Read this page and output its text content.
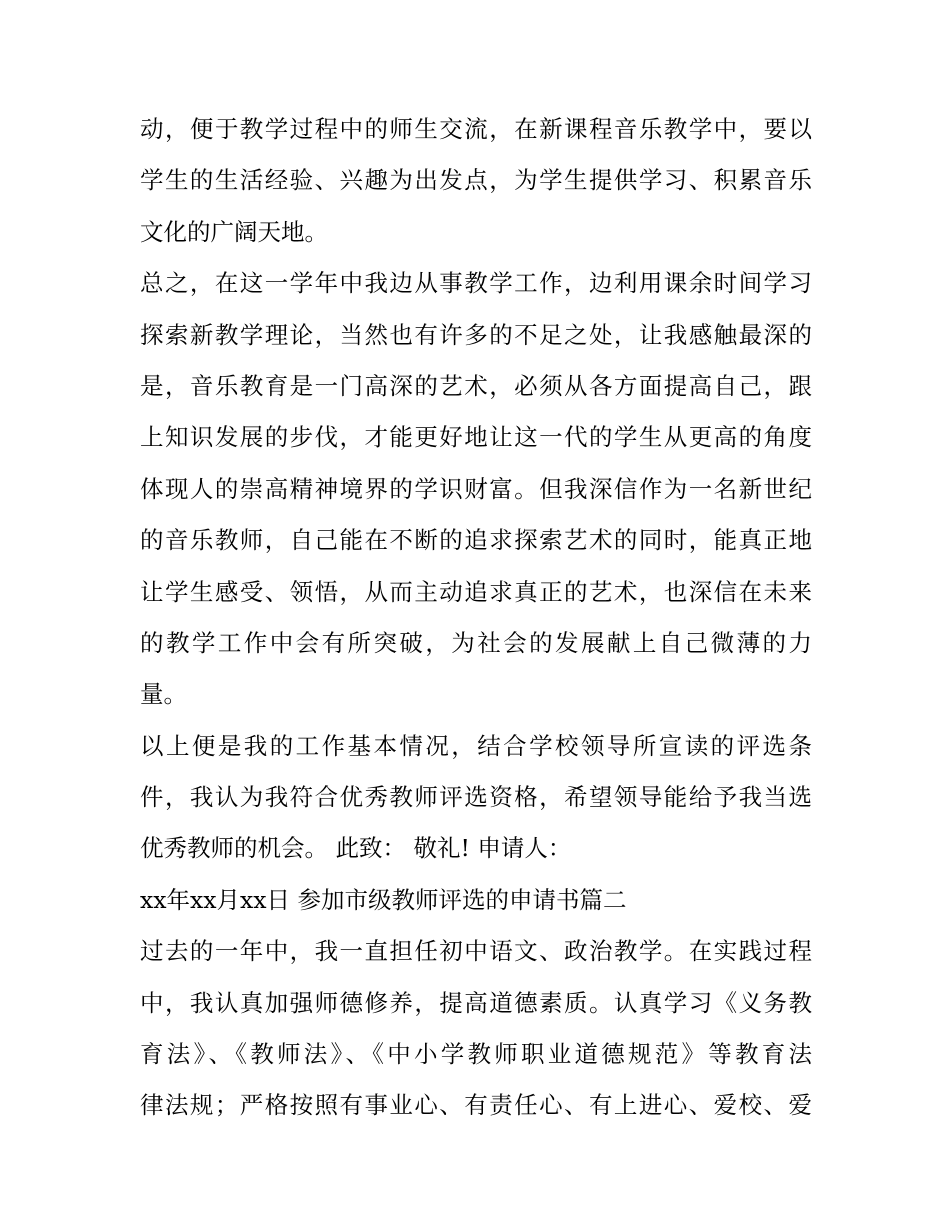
动，便于教学过程中的师生交流，在新课程音乐教学中，要以
学生的生活经验、兴趣为出发点，为学生提供学习、积累音乐
文化的广阔天地。
总之，在这一学年中我边从事教学工作，边利用课余时间学习
探索新教学理论，当然也有许多的不足之处，让我感触最深的
是，音乐教育是一门高深的艺术，必须从各方面提高自己，跟
上知识发展的步伐，才能更好地让这一代的学生从更高的角度
体现人的崇高精神境界的学识财富。但我深信作为一名新世纪
的音乐教师，自己能在不断的追求探索艺术的同时，能真正地
让学生感受、领悟，从而主动追求真正的艺术，也深信在未来
的教学工作中会有所突破，为社会的发展献上自己微薄的力
量。
以上便是我的工作基本情况，结合学校领导所宣读的评选条
件，我认为我符合优秀教师评选资格，希望领导能给予我当选
优秀教师的机会。 此致： 敬礼! 申请人：
xx年xx月xx日 参加市级教师评选的申请书篇二
过去的一年中，我一直担任初中语文、政治教学。在实践过程
中，我认真加强师德修养，提高道德素质。认真学习《义务教
育法》、《教师法》、《中小学教师职业道德规范》等教育法
律法规；严格按照有事业心、有责任心、有上进心、爱校、爱
